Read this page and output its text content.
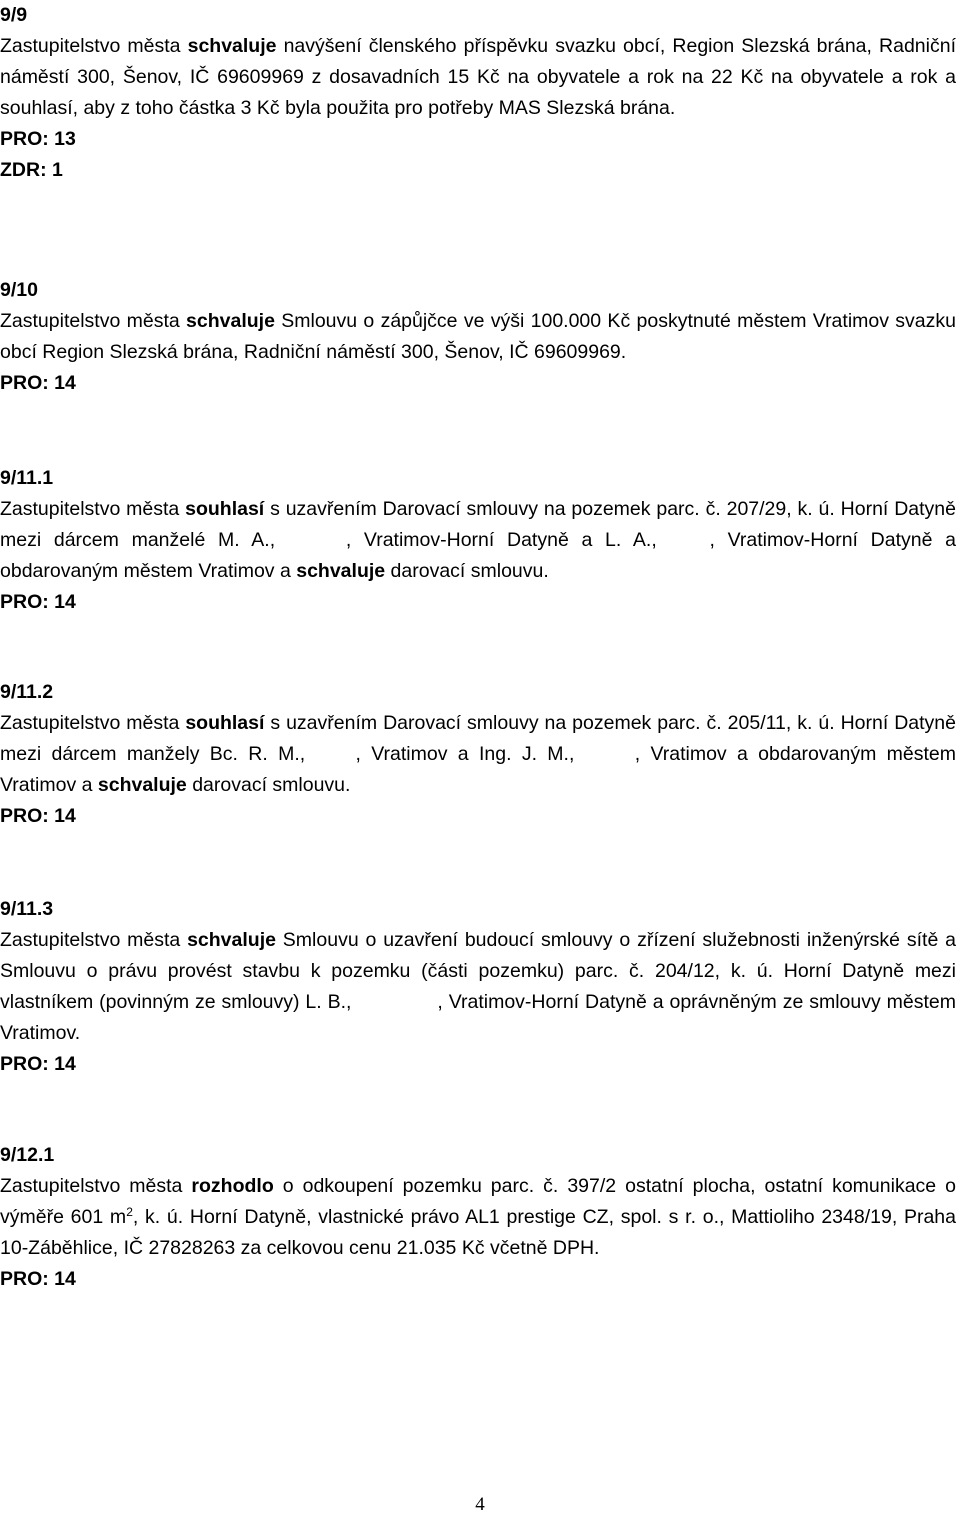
9/9
Zastupitelstvo města schvaluje navýšení členského příspěvku svazku obcí, Region Slezská brána, Radniční náměstí 300, Šenov, IČ 69609969 z dosavadních 15 Kč na obyvatele a rok na 22 Kč na obyvatele a rok a souhlasí, aby z toho částka 3 Kč byla použita pro potřeby MAS Slezská brána.
PRO: 13
ZDR: 1
9/10
Zastupitelstvo města schvaluje Smlouvu o zápůjčce ve výši 100.000 Kč poskytnuté městem Vratimov svazku obcí Region Slezská brána, Radniční náměstí 300, Šenov, IČ 69609969.
PRO: 14
9/11.1
Zastupitelstvo města souhlasí s uzavřením Darovací smlouvy na pozemek parc. č. 207/29, k. ú. Horní Datyně mezi dárcem manželé M. A.,	, Vratimov-Horní Datyně a L. A., , Vratimov-Horní Datyně a obdarovaným městem Vratimov a schvaluje darovací smlouvu.
PRO: 14
9/11.2
Zastupitelstvo města souhlasí s uzavřením Darovací smlouvy na pozemek parc. č. 205/11, k. ú. Horní Datyně mezi dárcem manžely Bc. R. M., , Vratimov a Ing. J. M.,	, Vratimov a obdarovaným městem Vratimov a schvaluje darovací smlouvu.
PRO: 14
9/11.3
Zastupitelstvo města schvaluje Smlouvu o uzavření budoucí smlouvy o zřízení služebnosti inženýrské sítě a Smlouvu o právu provést stavbu k pozemku (části pozemku) parc. č. 204/12, k. ú. Horní Datyně mezi vlastníkem (povinným ze smlouvy) L. B.,	, Vratimov-Horní Datyně a oprávněným ze smlouvy městem Vratimov.
PRO: 14
9/12.1
Zastupitelstvo města rozhodlo o odkoupení pozemku parc. č. 397/2 ostatní plocha, ostatní komunikace o výměře 601 $m^2$, k. ú. Horní Datyně, vlastnické právo AL1 prestige CZ, spol. s r. o., Mattioliho 2348/19, Praha 10-Záběhlice, IČ 27828263 za celkovou cenu 21.035 Kč včetně DPH.
PRO: 14
4
